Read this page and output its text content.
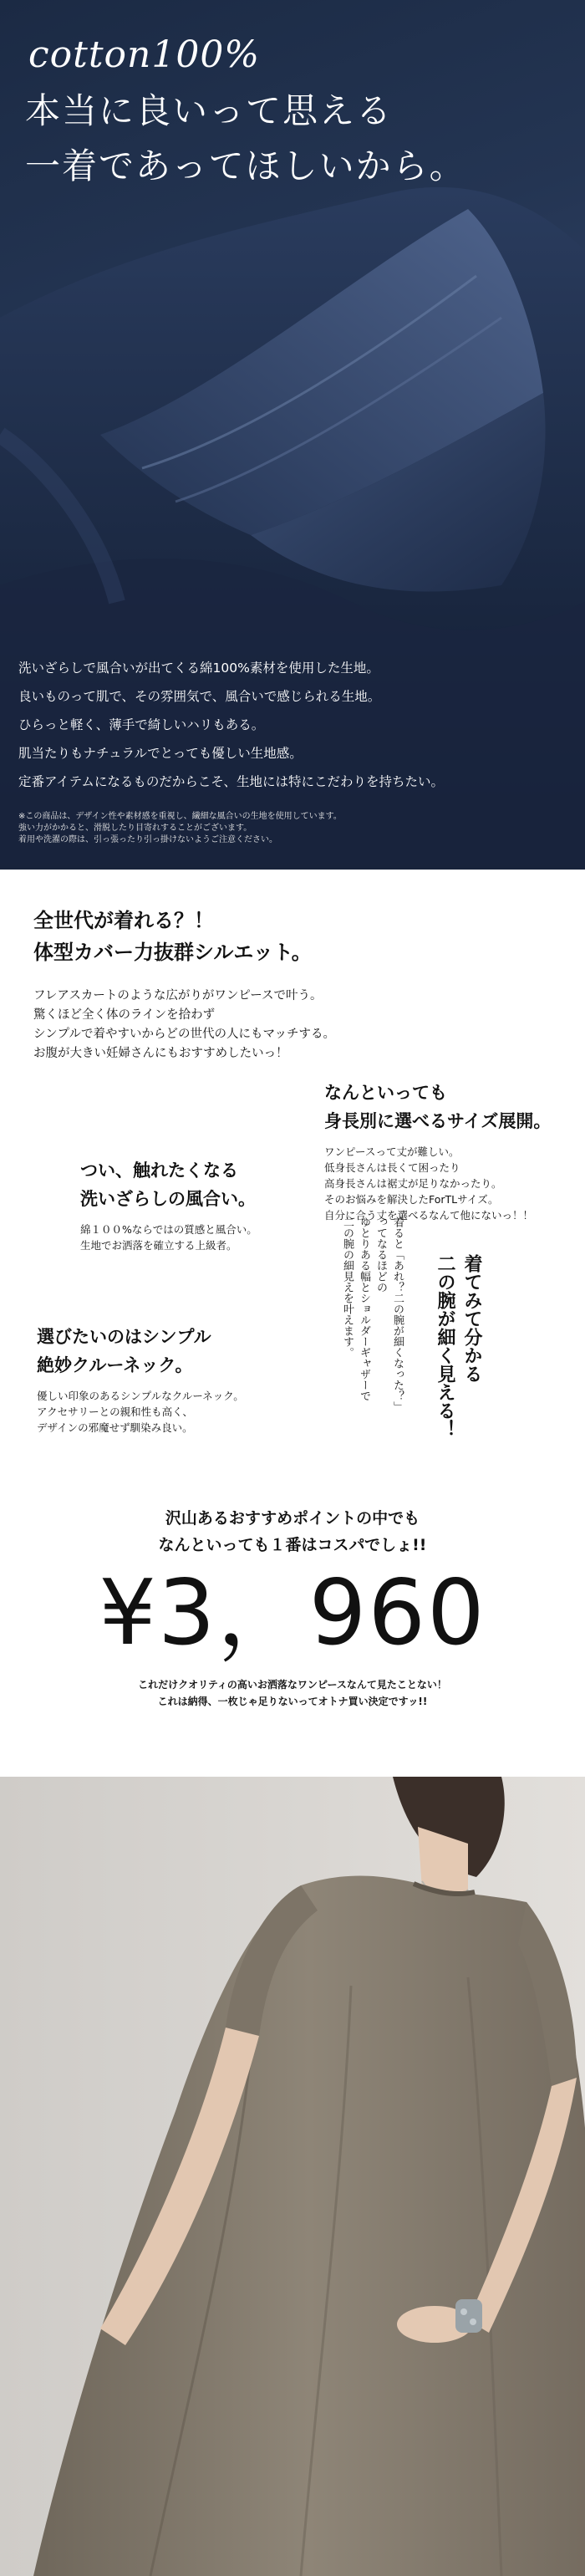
cotton100%
本当に良いって思える
一着であってほしいから。
洗いざらしで風合いが出てくる綿100%素材を使用した生地。
良いものって肌で、その雰囲気で、風合いで感じられる生地。
ひらっと軽く、薄手で綺しいハリもある。
肌当たりもナチュラルでとっても優しい生地感。
定番アイテムになるものだからこそ、生地には特にこだわりを持ちたい。
※この商品は、デザイン性や素材感を重視し、繊細な風合いの生地を使用しています。
強い力がかかると、滑脱したり目寄れすることがございます。
着用や洗濯の際は、引っ張ったり引っ掛けないようご注意ください。
全世代が着れる？！
体型カバー力抜群シルエット。
フレアスカートのような広がりがワンピースで叶う。
驚くほど全く体のラインを拾わず
シンプルで着やすいからどの世代の人にもマッチする。
お腹が大きい妊婦さんにもおすすめしたいっ！
なんといっても
身長別に選べるサイズ展開。
ワンピースって丈が難しい。
低身長さんは長くて困ったり
高身長さんは裾丈が足りなかったり。
そのお悩みを解決したForTLサイズ。
自分に合う丈を選べるなんて他にないっ！！
つい、触れたくなる
洗いざらしの風合い。
綿１００%ならではの質感と風合い。
生地でお洒落を確立する上級者。
選びたいのはシンプル
絶妙クルーネック。
優しい印象のあるシンプルなクルーネック。
アクセサリーとの親和性も高く、
デザインの邪魔せず馴染み良い。
着てみて分かる
二の腕が細く見える！
着ると「あれ？二の腕が細くなった？」
ってなるほどの
ゆとりある幅とショルダーギャザーで
二の腕の細見えを叶えます。
沢山あるおすすめポイントの中でも
なんといっても１番はコスパでしょ!!
¥3，960
これだけクオリティの高いお洒落なワンピースなんて見たことない！
これは納得、一枚じゃ足りないってオトナ買い決定ですッ!!
